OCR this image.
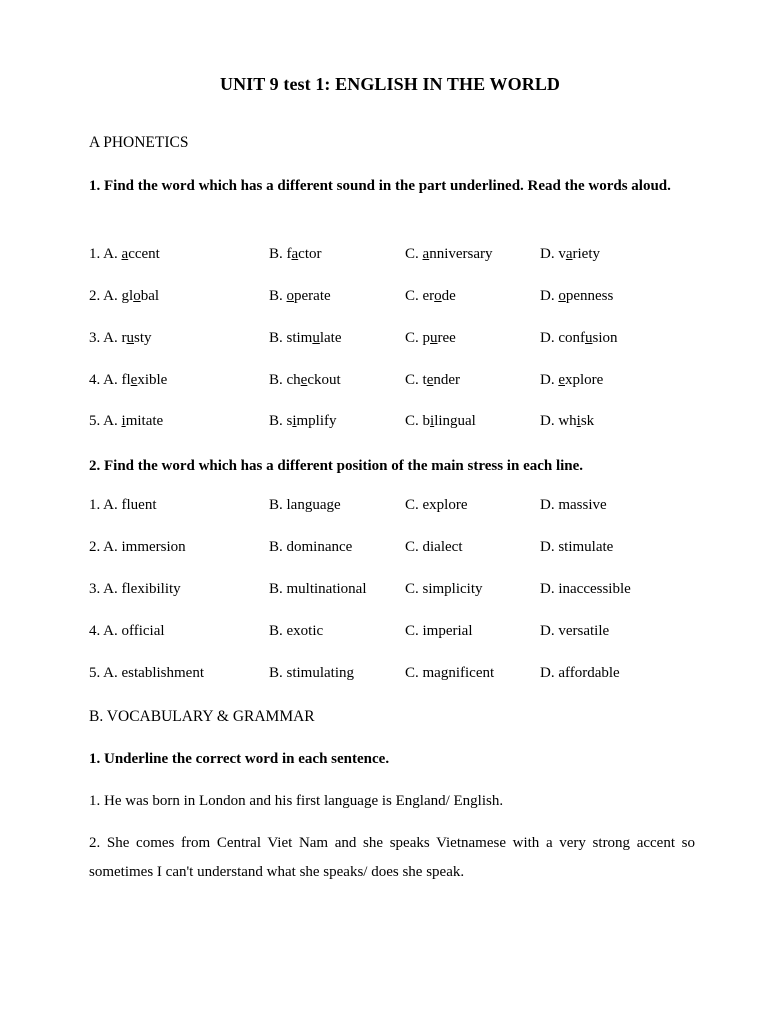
UNIT 9 test 1: ENGLISH IN THE WORLD
A PHONETICS
1. Find the word which has a different sound in the part underlined. Read the words aloud.
1. A. accent	B. factor	C. anniversary	D. variety
2. A. global	B. operate	C. erode	D. openness
3. A. rusty	B. stimulate	C. puree	D. confusion
4. A. flexible	B. checkout	C. tender	D. explore
5. A. imitate	B. simplify	C. bilingual	D. whisk
2. Find the word which has a different position of the main stress in each line.
1. A. fluent	B. language	C. explore	D. massive
2. A. immersion	B. dominance	C. dialect	D. stimulate
3. A. flexibility	B. multinational	C. simplicity	D. inaccessible
4. A. official	B. exotic	C. imperial	D. versatile
5. A. establishment	B. stimulating	C. magnificent	D. affordable
B. VOCABULARY & GRAMMAR
1. Underline the correct word in each sentence.
1. He was born in London and his first language is England/ English.
2. She comes from Central Viet Nam and she speaks Vietnamese with a very strong accent so sometimes I can't understand what she speaks/ does she speak.
